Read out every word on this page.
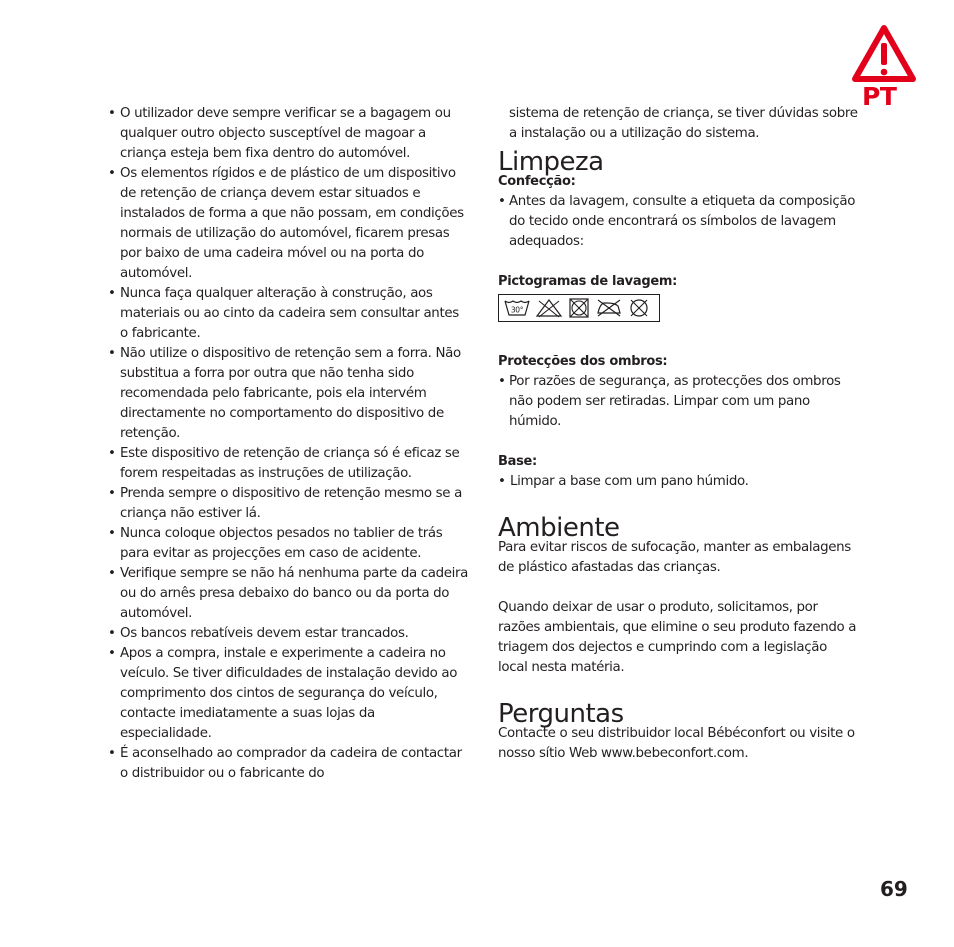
PT
• O utilizador deve sempre verificar se a bagagem ou qualquer outro objecto susceptível de magoar a criança esteja bem fixa dentro do automóvel.
• Os elementos rígidos e de plástico de um dispositivo de retenção de criança devem estar situados e instalados de forma a que não possam, em condições normais de utilização do automóvel, ficarem presas por baixo de uma cadeira móvel ou na porta do automóvel.
• Nunca faça qualquer alteração à construção, aos materiais ou ao cinto da cadeira sem consultar antes o fabricante.
• Não utilize o dispositivo de retenção sem a forra. Não substitua a forra por outra que não tenha sido recomendada pelo fabricante, pois ela intervém directamente no comportamento do dispositivo de retenção.
• Este dispositivo de retenção de criança só é eficaz se forem respeitadas as instruções de utilização.
• Prenda sempre o dispositivo de retenção mesmo se a criança não estiver lá.
• Nunca coloque objectos pesados no tablier de trás para evitar as projecções em caso de acidente.
• Verifique sempre se não há nenhuma parte da cadeira ou do arnês presa debaixo do banco ou da porta do automóvel.
• Os bancos rebatíveis devem estar trancados.
• Apos a compra, instale e experimente a cadeira no veículo. Se tiver dificuldades de instalação devido ao comprimento dos cintos de segurança do veículo, contacte imediatamente a suas lojas da especialidade.
• É aconselhado ao comprador da cadeira de contactar o distribuidor ou o fabricante do

sistema de retenção de criança, se tiver dúvidas sobre a instalação ou a utilização do sistema.

Limpeza

Confecção:

• Antes da lavagem, consulte a etiqueta da composição do tecido onde encontrará os símbolos de lavagem adequados:

Pictogramas de lavagem:

30°

Protecções dos ombros:

• Por razões de segurança, as protecções dos ombros não podem ser retiradas. Limpar com um pano húmido.

Base:

• Limpar a base com um pano húmido.
Ambiente

Para evitar riscos de sufocação, manter as embalagens de plástico afastadas das crianças.

Quando deixar de usar o produto, solicitamos, por razões ambientais, que elimine o seu produto fazendo a triagem dos dejectos e cumprindo com a legislação local nesta matéria.

Perguntas

Contacte o seu distribuidor local Bébéconfort ou visite o nosso sítio Web www.bebeconfort.com.

69
